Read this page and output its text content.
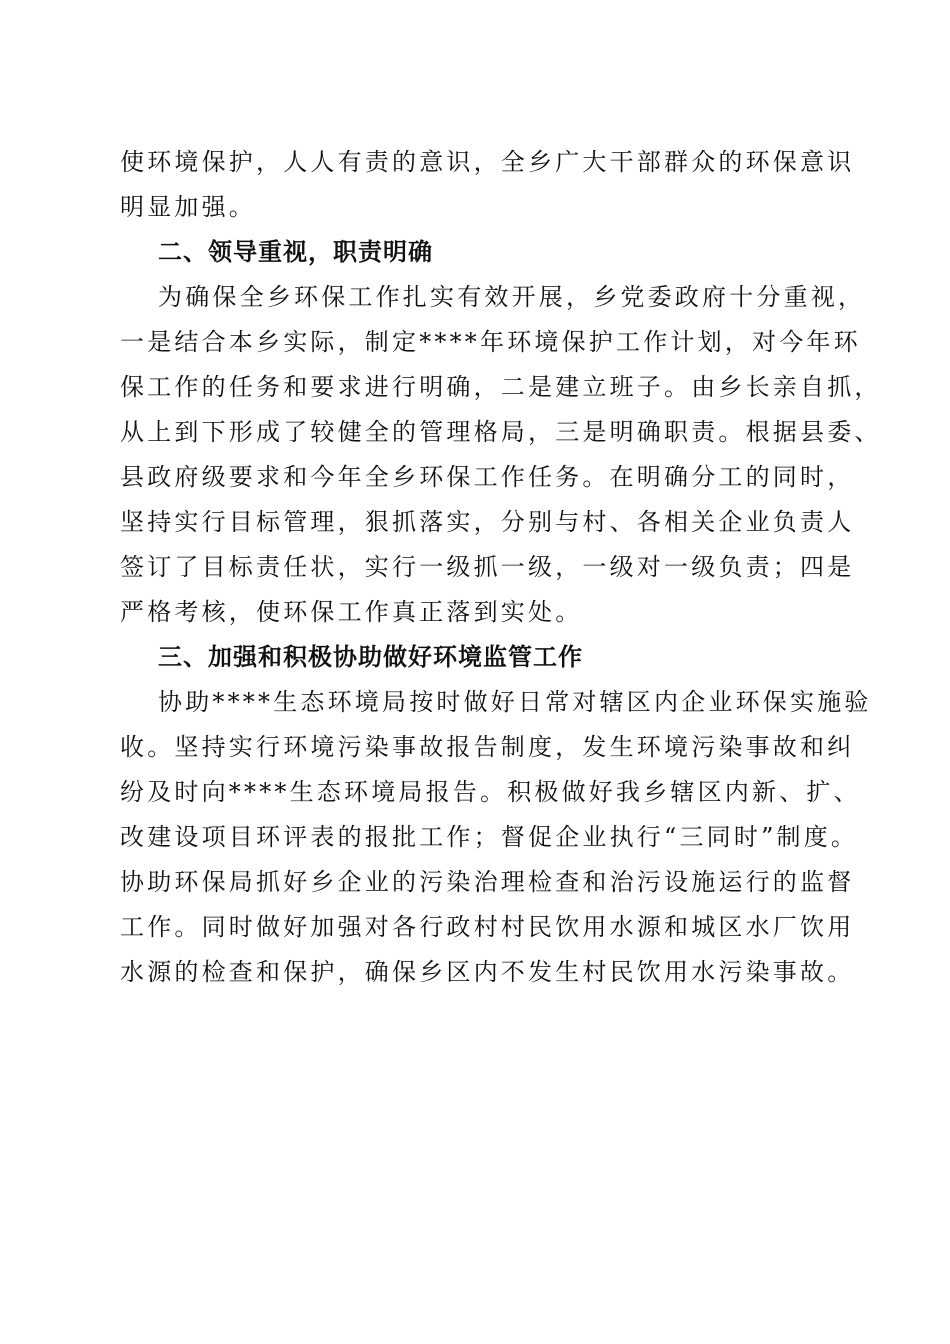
使环境保护，人人有责的意识，全乡广大干部群众的环保意识
明显加强。
二、领导重视，职责明确
为确保全乡环保工作扎实有效开展，乡党委政府十分重视，
一是结合本乡实际，制定****年环境保护工作计划，对今年环
保工作的任务和要求进行明确，二是建立班子。由乡长亲自抓，
从上到下形成了较健全的管理格局，三是明确职责。根据县委、
县政府级要求和今年全乡环保工作任务。在明确分工的同时，
坚持实行目标管理，狠抓落实，分别与村、各相关企业负责人
签订了目标责任状，实行一级抓一级，一级对一级负责；四是
严格考核，使环保工作真正落到实处。
三、加强和积极协助做好环境监管工作
协助****生态环境局按时做好日常对辖区内企业环保实施验
收。坚持实行环境污染事故报告制度，发生环境污染事故和纠
纷及时向****生态环境局报告。积极做好我乡辖区内新、扩、
改建设项目环评表的报批工作；督促企业执行“三同时”制度。
协助环保局抓好乡企业的污染治理检查和治污设施运行的监督
工作。同时做好加强对各行政村村民饮用水源和城区水厂饮用
水源的检查和保护，确保乡区内不发生村民饮用水污染事故。
